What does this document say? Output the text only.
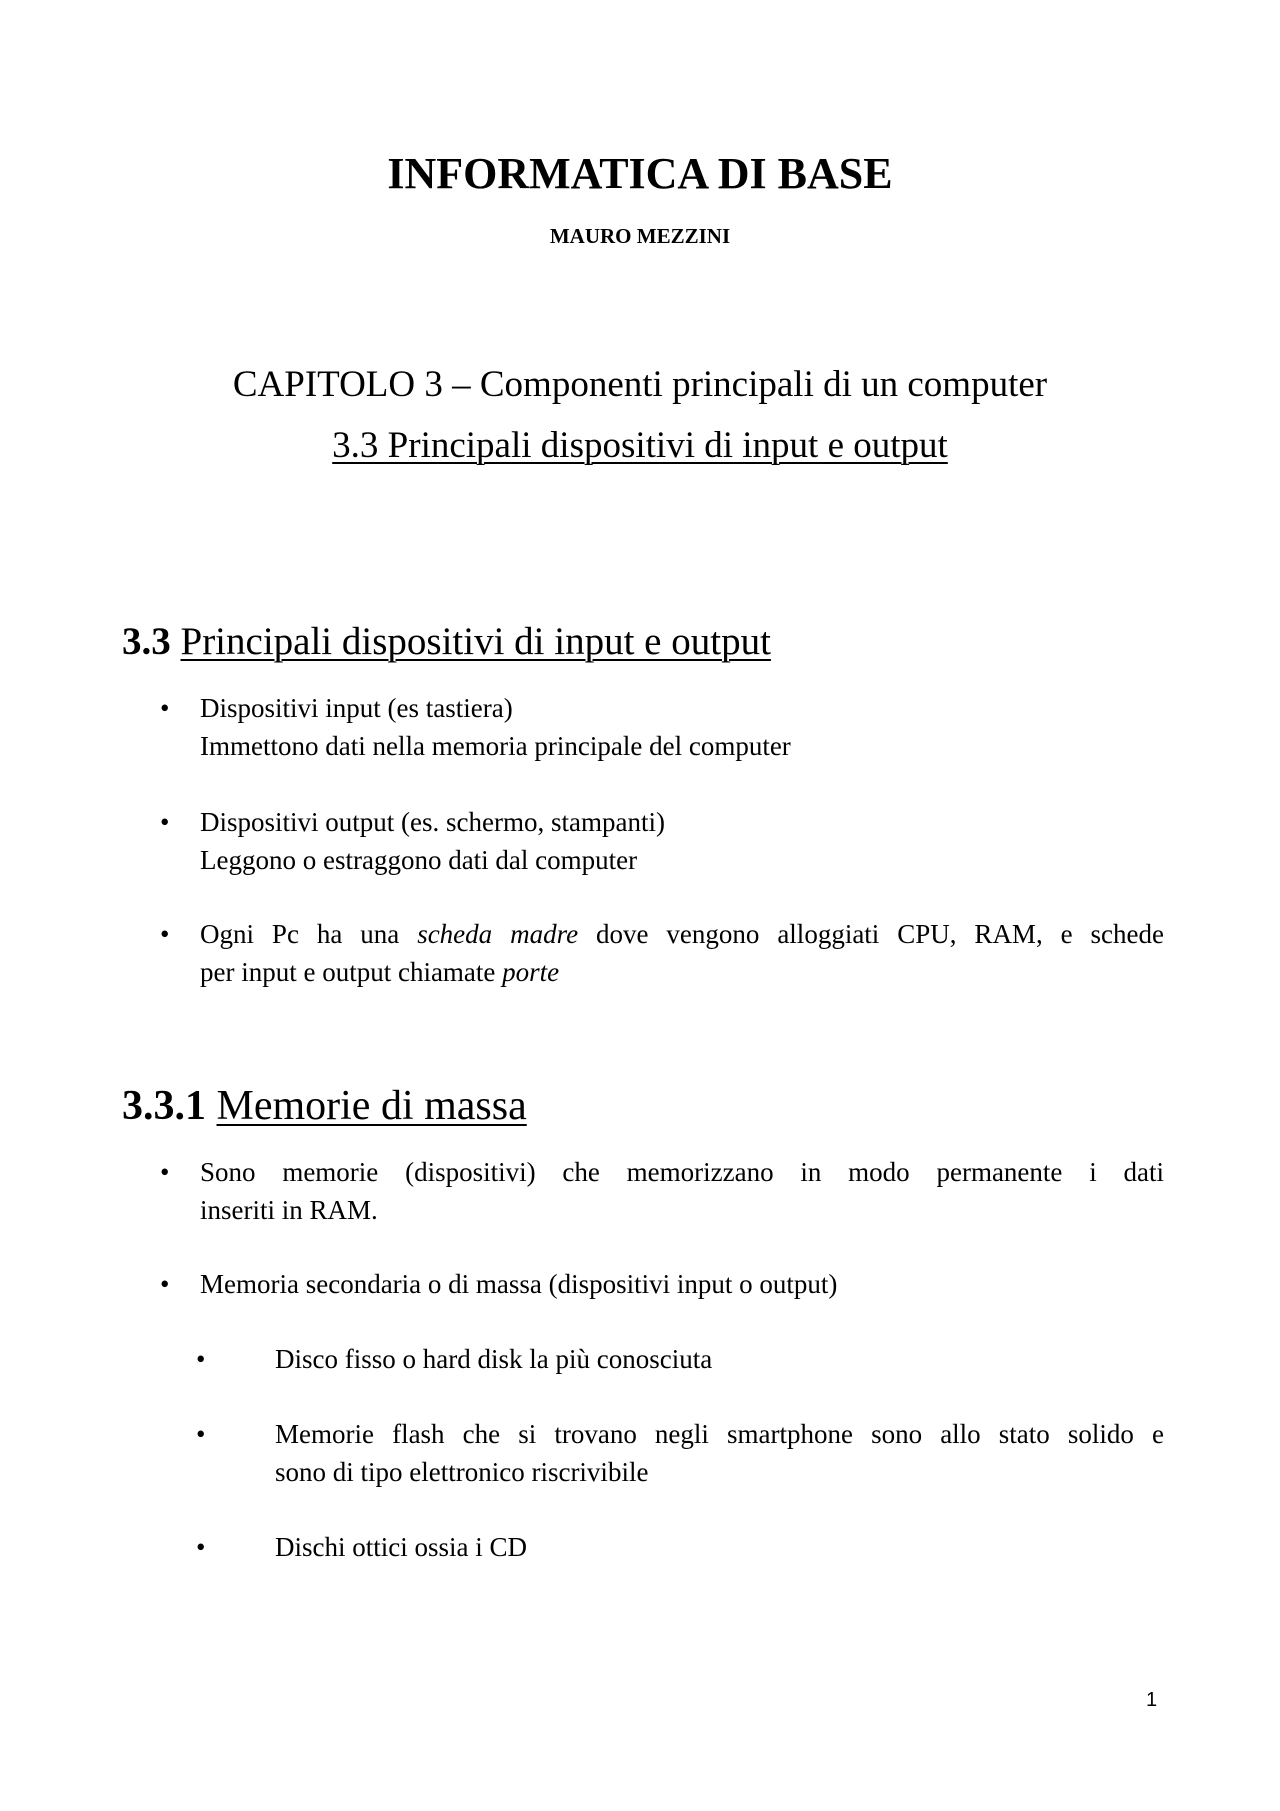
INFORMATICA DI BASE
MAURO MEZZINI
CAPITOLO 3 – Componenti principali di un computer
3.3 Principali dispositivi di input e output
3.3 Principali dispositivi di input e output
• Dispositivi input (es tastiera)
Immettono dati nella memoria principale del computer
• Dispositivi output (es. schermo, stampanti)
Leggono o estraggono dati dal computer
• Ogni Pc ha una scheda madre dove vengono alloggiati CPU, RAM, e schede
per input e output chiamate porte
3.3.1 Memorie di massa
• Sono memorie (dispositivi) che memorizzano in modo permanente i dati
inseriti in RAM.
• Memoria secondaria o di massa (dispositivi input o output)
•	Disco fisso o hard disk la più conosciuta
•	Memorie flash che si trovano negli smartphone sono allo stato solido e
sono di tipo elettronico riscrivibile
•	Dischi ottici ossia i CD
1
